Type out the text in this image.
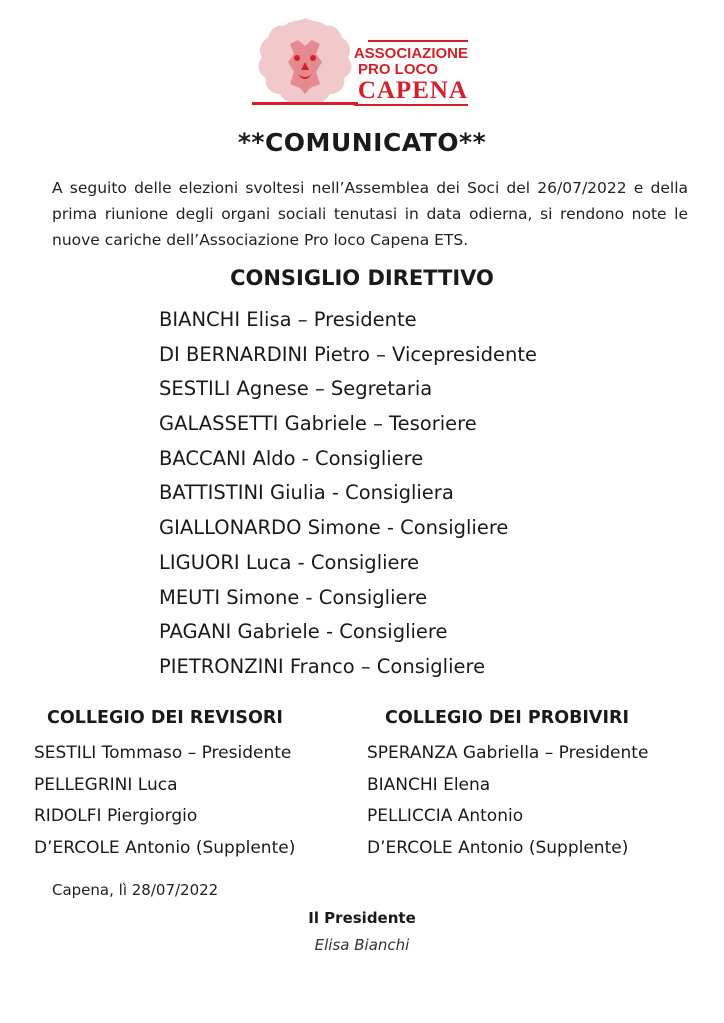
ASSOCIAZIONE
PRO LOCO
CAPENA
**COMUNICATO**
A seguito delle elezioni svoltesi nell’Assemblea dei Soci del 26/07/2022 e della prima riunione degli organi sociali tenutasi in data odierna, si rendono note le nuove cariche dell’Associazione Pro loco Capena ETS.
CONSIGLIO DIRETTIVO
BIANCHI Elisa – Presidente
DI BERNARDINI Pietro – Vicepresidente
SESTILI Agnese – Segretaria
GALASSETTI Gabriele – Tesoriere
BACCANI Aldo - Consigliere
BATTISTINI Giulia - Consigliera
GIALLONARDO Simone - Consigliere
LIGUORI Luca - Consigliere
MEUTI Simone - Consigliere
PAGANI Gabriele - Consigliere
PIETRONZINI Franco – Consigliere
COLLEGIO DEI REVISORI
SESTILI Tommaso – Presidente
PELLEGRINI Luca
RIDOLFI Piergiorgio
D’ERCOLE Antonio (Supplente)
COLLEGIO DEI PROBIVIRI
SPERANZA Gabriella – Presidente
BIANCHI Elena
PELLICCIA Antonio
D’ERCOLE Antonio (Supplente)
Capena, lì 28/07/2022
Il Presidente
Elisa Bianchi
